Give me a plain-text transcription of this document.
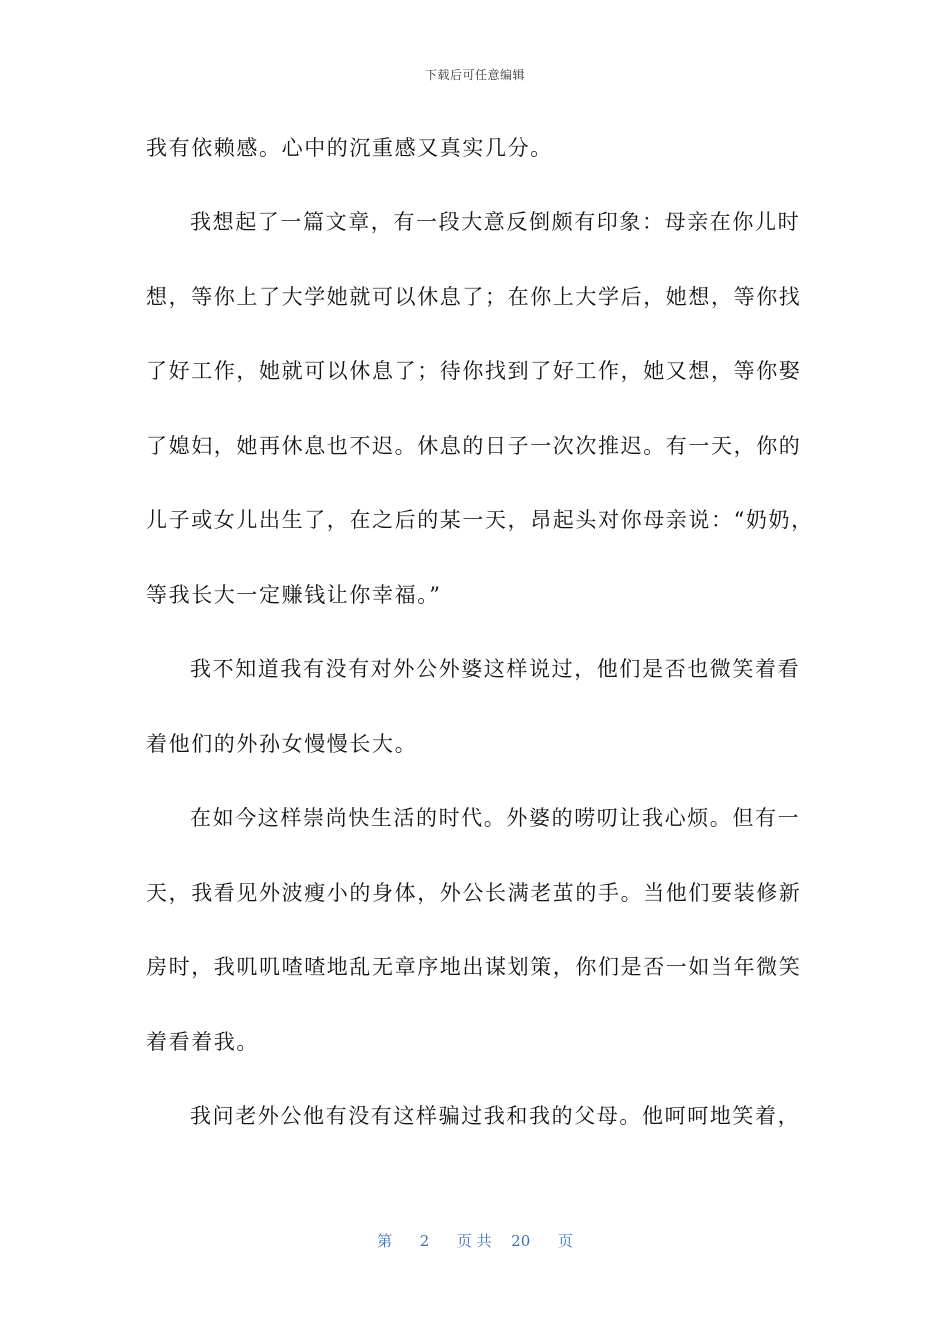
下载后可任意编辑
我有依赖感。心中的沉重感又真实几分。
我想起了一篇文章，有一段大意反倒颇有印象：母亲在你儿时
想，等你上了大学她就可以休息了；在你上大学后，她想，等你找
了好工作，她就可以休息了；待你找到了好工作，她又想，等你娶
了媳妇，她再休息也不迟。休息的日子一次次推迟。有一天，你的
儿子或女儿出生了，在之后的某一天，昂起头对你母亲说：“奶奶，
等我长大一定赚钱让你幸福。”
我不知道我有没有对外公外婆这样说过，他们是否也微笑着看
着他们的外孙女慢慢长大。
在如今这样崇尚快生活的时代。外婆的唠叨让我心烦。但有一
天，我看见外波瘦小的身体，外公长满老茧的手。当他们要装修新
房时，我叽叽喳喳地乱无章序地出谋划策，你们是否一如当年微笑
着看着我。
我问老外公他有没有这样骗过我和我的父母。他呵呵地笑着，
第 2 页 共 20 页
